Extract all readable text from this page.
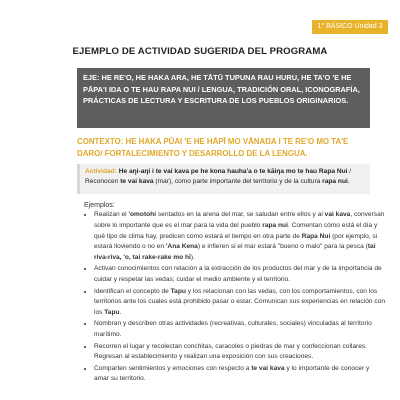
1° BÁSICO Unidad 3
EJEMPLO DE ACTIVIDAD SUGERIDA DEL PROGRAMA
EJE: HE RE'O, HE HAKA ARA, HE TĀTŪ TUPUNA RAU HURU, HE TA'O 'E HE PĀPA'I IŊA O TE HAU RAPA NUI / LENGUA, TRADICIÓN ORAL, ICONOGRAFÍA, PRÁCTICAS DE LECTURA Y ESCRITURA DE LOS PUEBLOS ORIGINARIOS.
CONTEXTO: HE HAKA PŪAI 'E HE HĀPĪ MO VĀNAŊA I TE RE'O MO TA'E ŊARO/ FORTALECIMIENTO Y DESARROLLO DE LA LENGUA.
Actividad: He aŋi-aŋi i te vai kava pe he kona hauha'a o te kāiŋa mo te hau Rapa Nui / Reconocen te vai kava (mar), como parte importante del territorio y de la cultura rapa nui.
Ejemplos:
• Realizan el 'omotohi sentados en la arena del mar, se saludan entre ellos y al vai kava, conversan sobre lo importante que es el mar para la vida del pueblo rapa nui. Comentan cómo está el día y qué tipo de clima hay, predicen cómo estará el tiempo en otra parte de Rapa Nui (por ejemplo, si estará lloviendo o no en 'Ana Kena) e infieren si el mar estará "bueno o malo" para la pesca (tai riva-riva, 'o, tai rake-rake mo hī).
• Activan conocimientos con relación a la extracción de los productos del mar y de la importancia de cuidar y respetar las vedas; cuidar el medio ambiente y el territorio.
• Identifican el concepto de Tapu y los relacionan con las vedas, con los comportamientos, con los territorios ante los cuales está prohibido pasar o estar. Comunican sus experiencias en relación con los Tapu.
• Nombran y describen otras actividades (recreativas, culturales, sociales) vinculadas al territorio marítimo.
• Recorren el lugar y recolectan conchitas, caracoles o piedras de mar y confeccionan collares. Regresan al establecimiento y realizan una exposición con sus creaciones.
• Comparten sentimientos y emociones con respecto a te vai kava y lo importante de conocer y amar su territorio.
